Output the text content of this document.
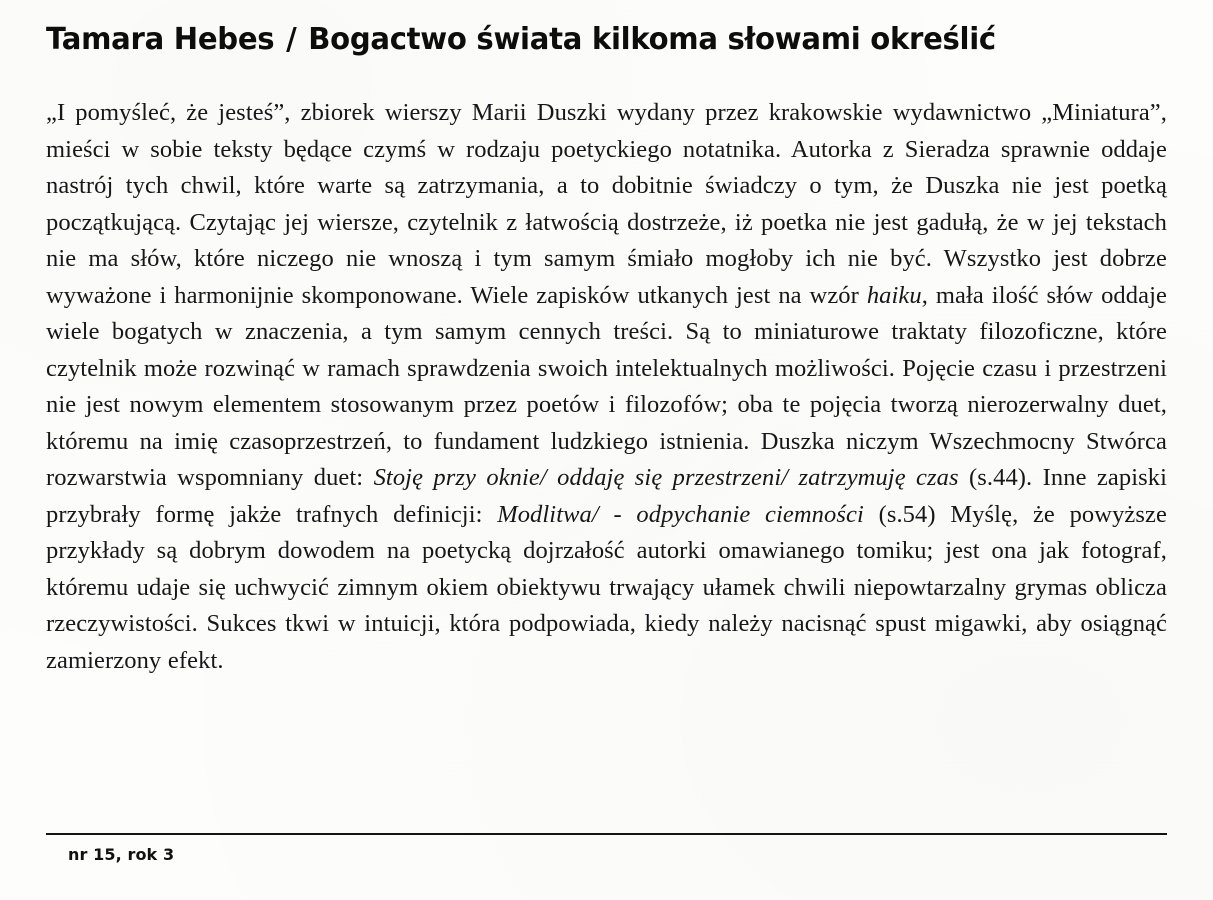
Tamara Hebes / Bogactwo świata kilkoma słowami określić

„I pomyśleć, że jesteś”, zbiorek wierszy Marii Duszki wydany przez krakowskie wydawnictwo „Miniatura”, mieści w sobie teksty będące czymś w rodzaju poetyckiego notatnika. Autorka z Sieradza sprawnie oddaje nastrój tych chwil, które warte są zatrzymania, a to dobitnie świadczy o tym, że Duszka nie jest poetką początkującą. Czytając jej wiersze, czytelnik z łatwością dostrzeże, iż poetka nie jest gadułą, że w jej tekstach nie ma słów, które niczego nie wnoszą i tym samym śmiało mogłoby ich nie być. Wszystko jest dobrze wyważone i harmonijnie skomponowane. Wiele zapisków utkanych jest na wzór haiku, mała ilość słów oddaje wiele bogatych w znaczenia, a tym samym cennych treści. Są to miniaturowe traktaty filozoficzne, które czytelnik może rozwinąć w ramach sprawdzenia swoich intelektualnych możliwości. Pojęcie czasu i przestrzeni nie jest nowym elementem stosowanym przez poetów i filozofów; oba te pojęcia tworzą nierozerwalny duet, któremu na imię czasoprzestrzeń, to fundament ludzkiego istnienia. Duszka niczym Wszechmocny Stwórca rozwarstwia wspomniany duet: Stoję przy oknie/ oddaję się przestrzeni/ zatrzymuję czas (s.44). Inne zapiski przybrały formę jakże trafnych definicji: Modlitwa/ - odpychanie ciemności (s.54) Myślę, że powyższe przykłady są dobrym dowodem na poetycką dojrzałość autorki omawianego tomiku; jest ona jak fotograf, któremu udaje się uchwycić zimnym okiem obiektywu trwający ułamek chwili niepowtarzalny grymas oblicza rzeczywistości. Sukces tkwi w intuicji, która podpowiada, kiedy należy nacisnąć spust migawki, aby osiągnąć zamierzony efekt.

nr 15, rok 3
